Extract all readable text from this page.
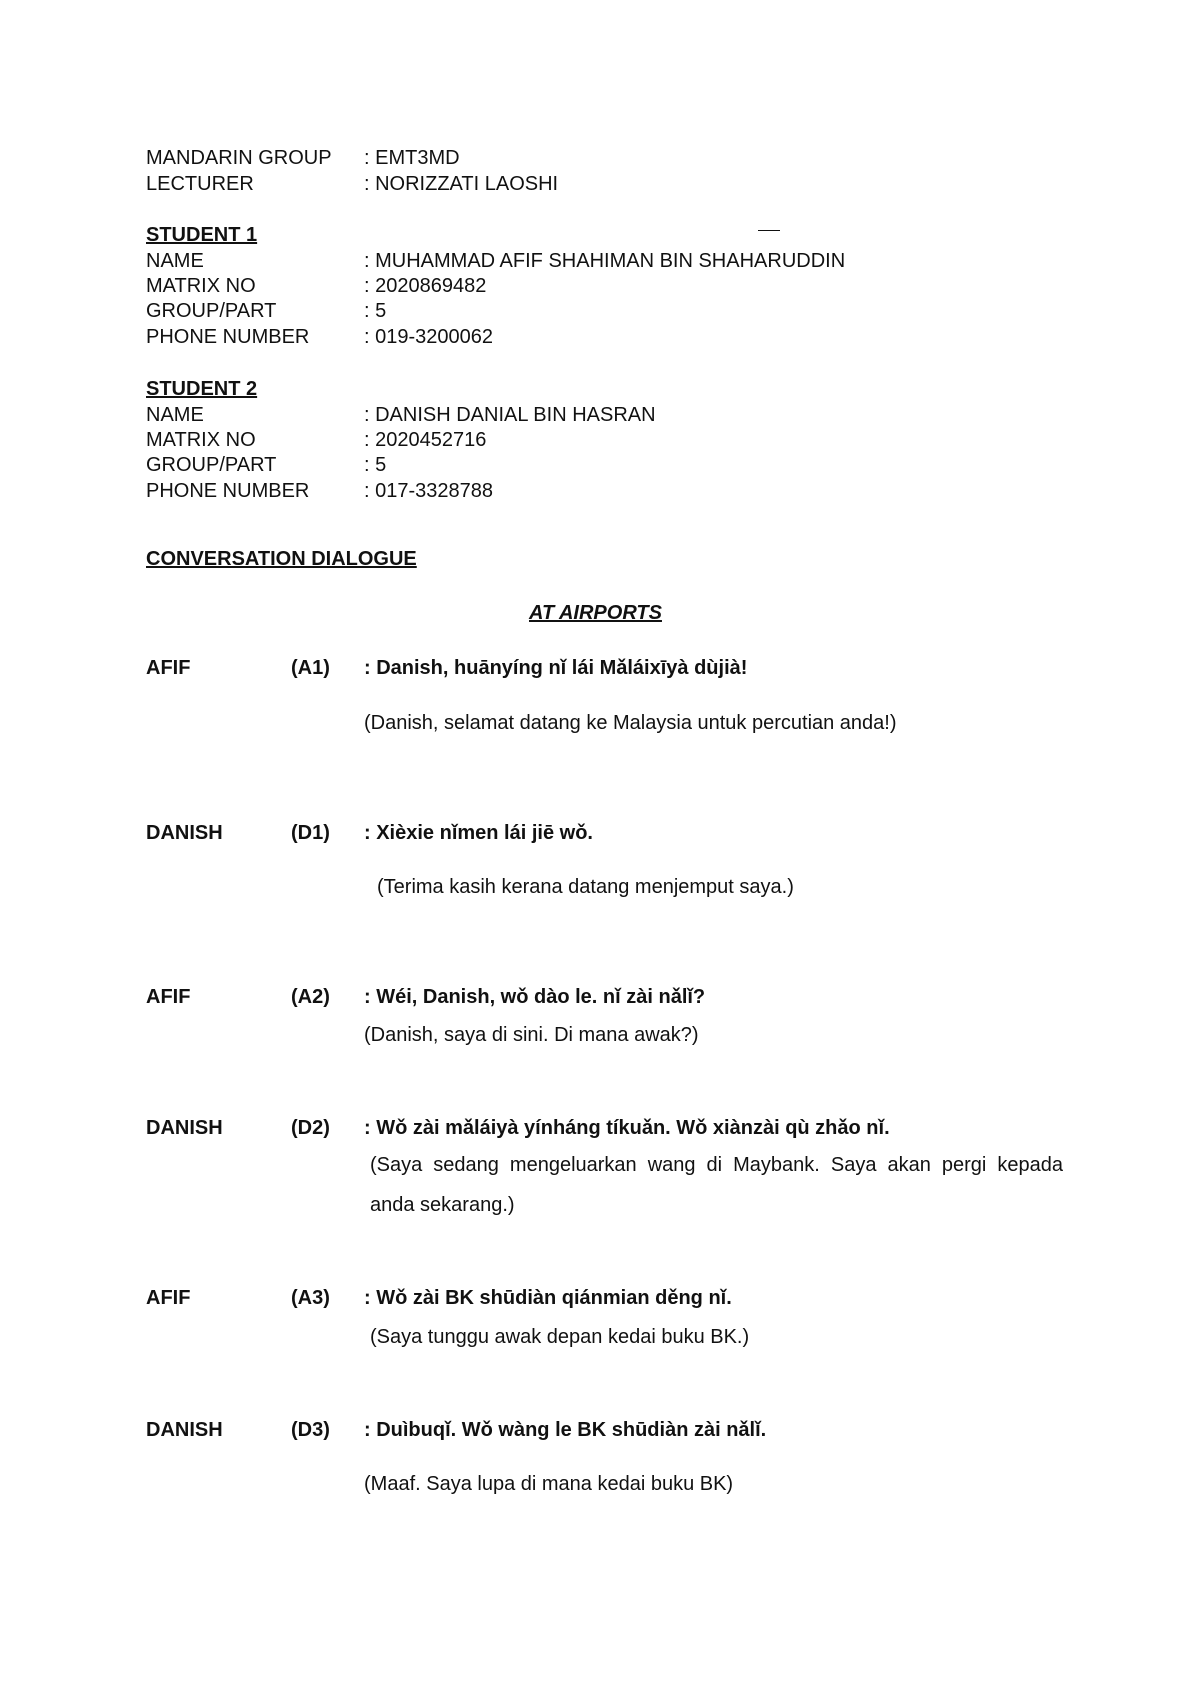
MANDARIN GROUP : EMT3MD
LECTURER	: NORIZZATI LAOSHI
STUDENT 1
NAME	: MUHAMMAD AFIF SHAHIMAN BIN SHAHARUDDIN
MATRIX NO	: 2020869482
GROUP/PART	: 5
PHONE NUMBER	: 019-3200062
STUDENT 2
NAME	: DANISH DANIAL BIN HASRAN
MATRIX NO	: 2020452716
GROUP/PART	: 5
PHONE NUMBER	: 017-3328788
CONVERSATION DIALOGUE
AT AIRPORTS
AFIF	(A1) : Danish, huānyíng nǐ lái Mǎláixīyà dùjià!
(Danish, selamat datang ke Malaysia untuk percutian anda!)
DANISH	(D1) : Xièxie nǐmen lái jiē wǒ.
(Terima kasih kerana datang menjemput saya.)
AFIF	(A2) : Wéi, Danish, wǒ dào le. nǐ zài nǎlǐ?
(Danish, saya di sini. Di mana awak?)
DANISH	(D2) : Wǒ zài mǎláiyà yínháng tíkuǎn. Wǒ xiànzài qù zhǎo nǐ.
(Saya sedang mengeluarkan wang di Maybank. Saya akan pergi kepada anda sekarang.)
AFIF	(A3) : Wǒ zài BK shūdiàn qiánmian děng nǐ.
(Saya tunggu awak depan kedai buku BK.)
DANISH	(D3) : Duìbuqǐ. Wǒ wàng le BK shūdiàn zài nǎlǐ.
(Maaf. Saya lupa di mana kedai buku BK)
